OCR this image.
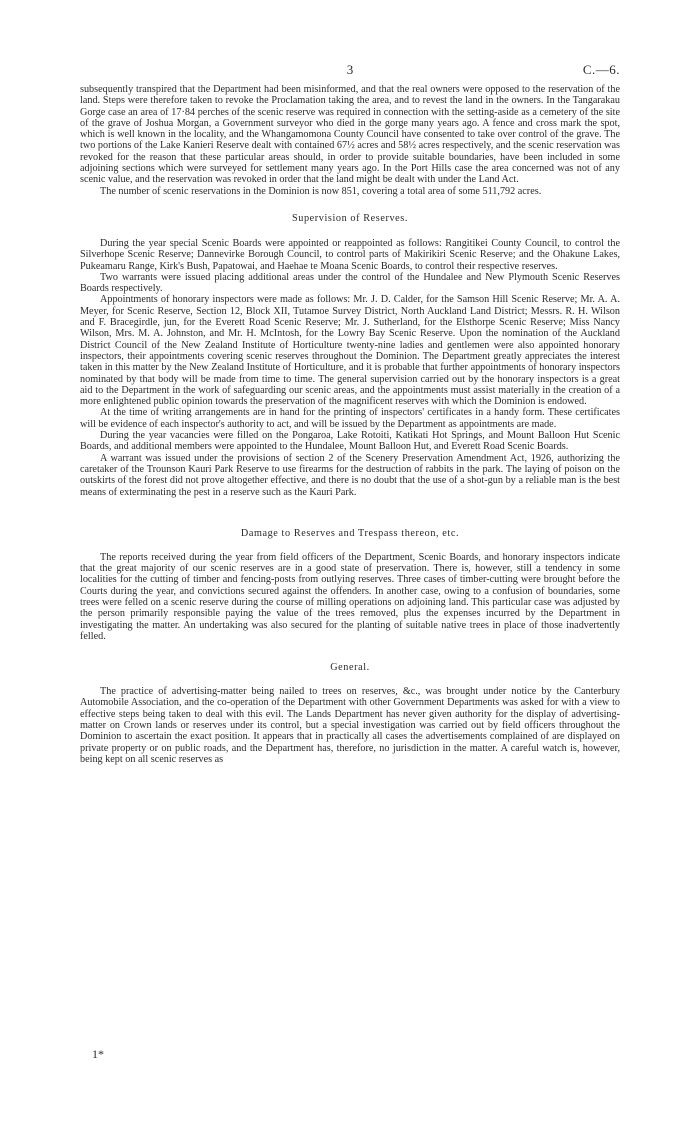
3	C.—6.

subsequently transpired that the Department had been misinformed, and that the real owners were opposed to the reservation of the land. Steps were therefore taken to revoke the Proclamation taking the area, and to revest the land in the owners. In the Tangarakau Gorge case an area of 17·84 perches of the scenic reserve was required in connection with the setting-aside as a cemetery of the site of the grave of Joshua Morgan, a Government surveyor who died in the gorge many years ago. A fence and cross mark the spot, which is well known in the locality, and the Whangamomona County Council have consented to take over control of the grave. The two portions of the Lake Kanieri Reserve dealt with contained 67½ acres and 58½ acres respectively, and the scenic reservation was revoked for the reason that these particular areas should, in order to provide suitable boundaries, have been included in some adjoining sections which were surveyed for settlement many years ago. In the Port Hills case the area concerned was not of any scenic value, and the reservation was revoked in order that the land might be dealt with under the Land Act.

The number of scenic reservations in the Dominion is now 851, covering a total area of some 511,792 acres.

Supervision of Reserves.

During the year special Scenic Boards were appointed or reappointed as follows: Rangitikei County Council, to control the Silverhope Scenic Reserve; Dannevirke Borough Council, to control parts of Makirikiri Scenic Reserve; and the Ohakune Lakes, Pukeamaru Range, Kirk's Bush, Papatowai, and Haehae te Moana Scenic Boards, to control their respective reserves.

Two warrants were issued placing additional areas under the control of the Hundalee and New Plymouth Scenic Reserves Boards respectively.

Appointments of honorary inspectors were made as follows: Mr. J. D. Calder, for the Samson Hill Scenic Reserve; Mr. A. A. Meyer, for Scenic Reserve, Section 12, Block XII, Tutamoe Survey District, North Auckland Land District; Messrs. R. H. Wilson and F. Bracegirdle, jun, for the Everett Road Scenic Reserve; Mr. J. Sutherland, for the Elsthorpe Scenic Reserve; Miss Nancy Wilson, Mrs. M. A. Johnston, and Mr. H. McIntosh, for the Lowry Bay Scenic Reserve. Upon the nomination of the Auckland District Council of the New Zealand Institute of Horticulture twenty-nine ladies and gentlemen were also appointed honorary inspectors, their appointments covering scenic reserves throughout the Dominion. The Department greatly appreciates the interest taken in this matter by the New Zealand Institute of Horticulture, and it is probable that further appointments of honorary inspectors nominated by that body will be made from time to time. The general supervision carried out by the honorary inspectors is a great aid to the Department in the work of safeguarding our scenic areas, and the appointments must assist materially in the creation of a more enlightened public opinion towards the preservation of the magnificent reserves with which the Dominion is endowed.

At the time of writing arrangements are in hand for the printing of inspectors' certificates in a handy form. These certificates will be evidence of each inspector's authority to act, and will be issued by the Department as appointments are made.

During the year vacancies were filled on the Pongaroa, Lake Rotoiti, Katikati Hot Springs, and Mount Balloon Hut Scenic Boards, and additional members were appointed to the Hundalee, Mount Balloon Hut, and Everett Road Scenic Boards.

A warrant was issued under the provisions of section 2 of the Scenery Preservation Amendment Act, 1926, authorizing the caretaker of the Trounson Kauri Park Reserve to use firearms for the destruction of rabbits in the park. The laying of poison on the outskirts of the forest did not prove altogether effective, and there is no doubt that the use of a shot-gun by a reliable man is the best means of exterminating the pest in a reserve such as the Kauri Park.

Damage to Reserves and Trespass thereon, etc.

The reports received during the year from field officers of the Department, Scenic Boards, and honorary inspectors indicate that the great majority of our scenic reserves are in a good state of preservation. There is, however, still a tendency in some localities for the cutting of timber and fencing-posts from outlying reserves. Three cases of timber-cutting were brought before the Courts during the year, and convictions secured against the offenders. In another case, owing to a confusion of boundaries, some trees were felled on a scenic reserve during the course of milling operations on adjoining land. This particular case was adjusted by the person primarily responsible paying the value of the trees removed, plus the expenses incurred by the Department in investigating the matter. An undertaking was also secured for the planting of suitable native trees in place of those inadvertently felled.

General.

The practice of advertising-matter being nailed to trees on reserves, &c., was brought under notice by the Canterbury Automobile Association, and the co-operation of the Department with other Government Departments was asked for with a view to effective steps being taken to deal with this evil. The Lands Department has never given authority for the display of advertising-matter on Crown lands or reserves under its control, but a special investigation was carried out by field officers throughout the Dominion to ascertain the exact position. It appears that in practically all cases the advertisements complained of are displayed on private property or on public roads, and the Department has, therefore, no jurisdiction in the matter. A careful watch is, however, being kept on all scenic reserves as

1*
